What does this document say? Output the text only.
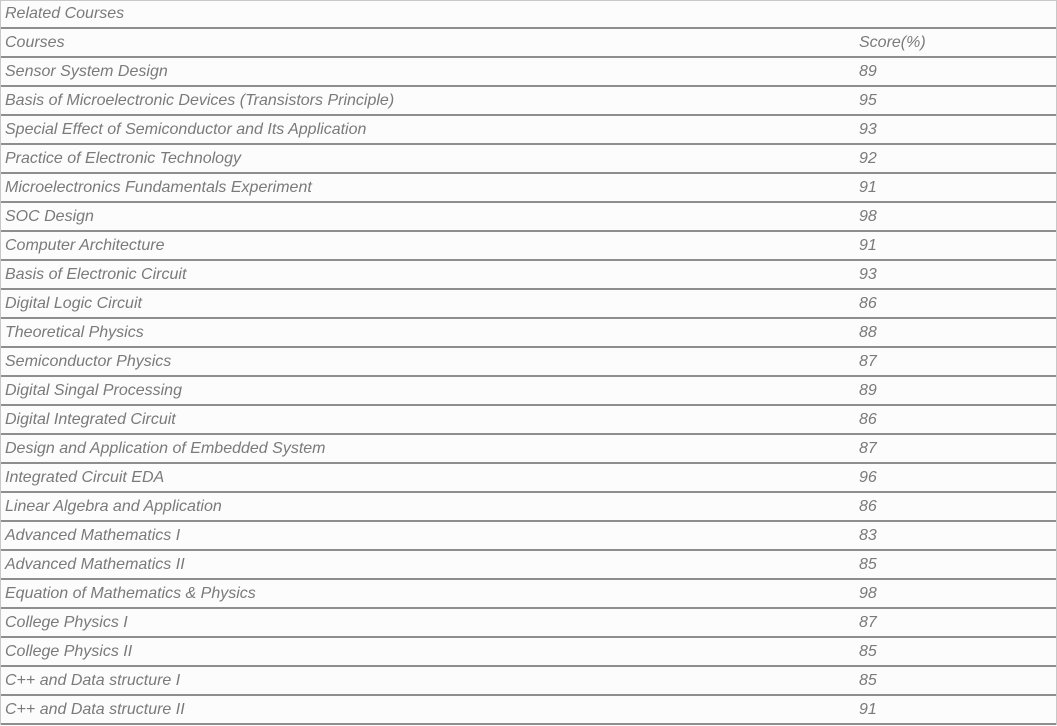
Related Courses
Courses	Score(%)
Sensor System Design	89
Basis of Microelectronic Devices (Transistors Principle)	95
Special Effect of Semiconductor and Its Application	93
Practice of Electronic Technology	92
Microelectronics Fundamentals Experiment	91
SOC Design	98
Computer Architecture	91
Basis of Electronic Circuit	93
Digital Logic Circuit	86
Theoretical Physics	88
Semiconductor Physics	87
Digital Singal Processing	89
Digital Integrated Circuit	86
Design and Application of Embedded System	87
Integrated Circuit EDA	96
Linear Algebra and Application	86
Advanced Mathematics I	83
Advanced Mathematics II	85
Equation of Mathematics & Physics	98
College Physics I	87
College Physics II	85
C++ and Data structure I	85
C++ and Data structure II	91
